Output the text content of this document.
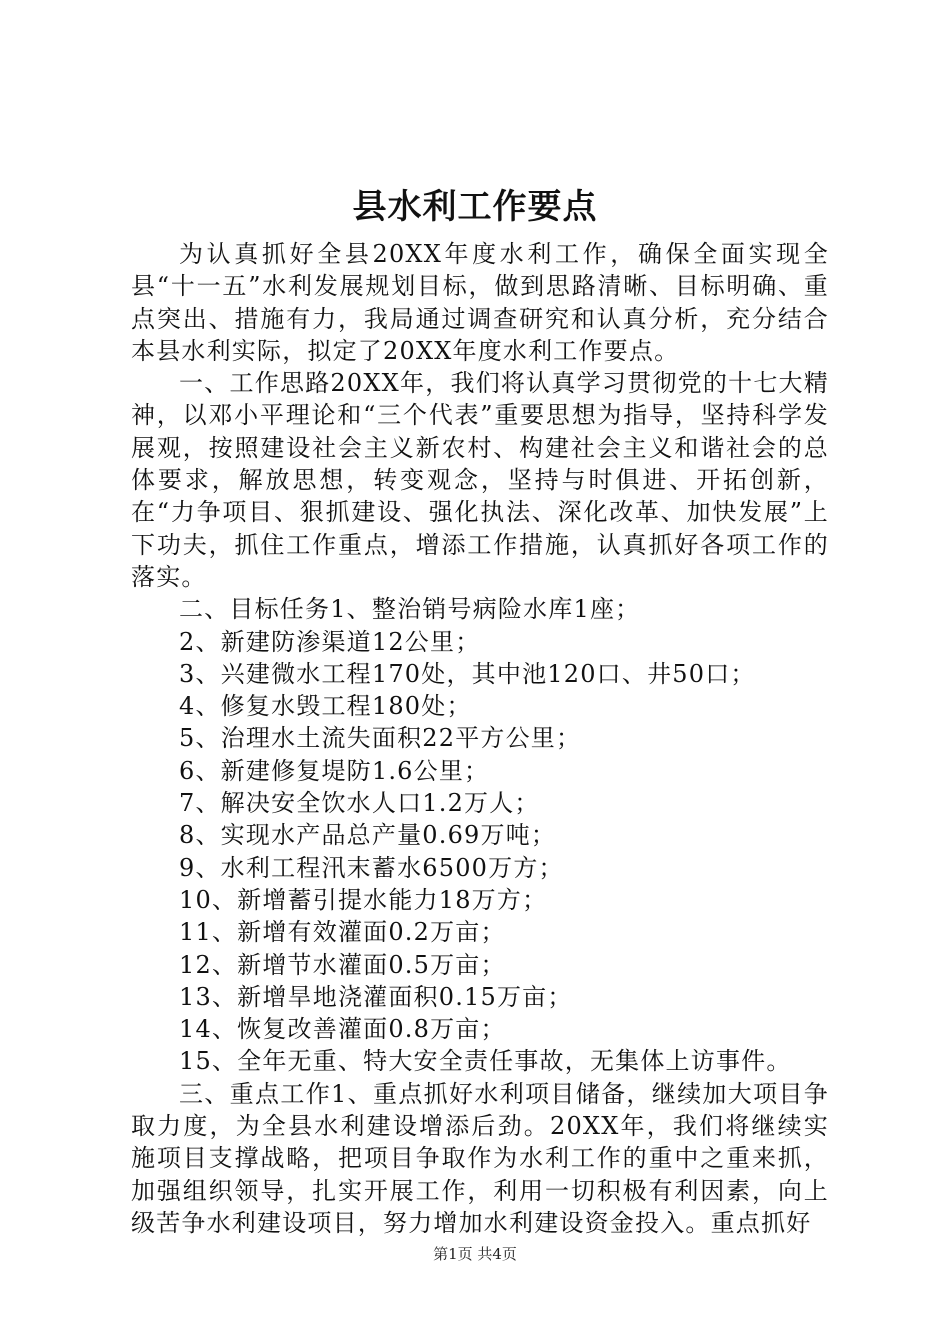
县水利工作要点

为认真抓好全县20XX年度水利工作，确保全面实现全县“十一五”水利发展规划目标，做到思路清晰、目标明确、重点突出、措施有力，我局通过调查研究和认真分析，充分结合本县水利实际，拟定了20XX年度水利工作要点。

一、工作思路20XX年，我们将认真学习贯彻党的十七大精神，以邓小平理论和“三个代表”重要思想为指导，坚持科学发展观，按照建设社会主义新农村、构建社会主义和谐社会的总体要求，解放思想，转变观念，坚持与时俱进、开拓创新，在“力争项目、狠抓建设、强化执法、深化改革、加快发展”上下功夫，抓住工作重点，增添工作措施，认真抓好各项工作的落实。

二、目标任务1、整治销号病险水库1座；

2、新建防渗渠道12公里；

3、兴建微水工程170处，其中池120口、井50口；

4、修复水毁工程180处；

5、治理水土流失面积22平方公里；

6、新建修复堤防1.6公里；

7、解决安全饮水人口1.2万人；

8、实现水产品总产量0.69万吨；

9、水利工程汛末蓄水6500万方；

10、新增蓄引提水能力18万方；

11、新增有效灌面0.2万亩；

12、新增节水灌面0.5万亩；

13、新增旱地浇灌面积0.15万亩；

14、恢复改善灌面0.8万亩；

15、全年无重、特大安全责任事故，无集体上访事件。

三、重点工作1、重点抓好水利项目储备，继续加大项目争取力度，为全县水利建设增添后劲。20XX年，我们将继续实施项目支撑战略，把项目争取作为水利工作的重中之重来抓，加强组织领导，扎实开展工作，利用一切积极有利因素，向上级苦争水利建设项目，努力增加水利建设资金投入。重点抓好

第1页 共4页
